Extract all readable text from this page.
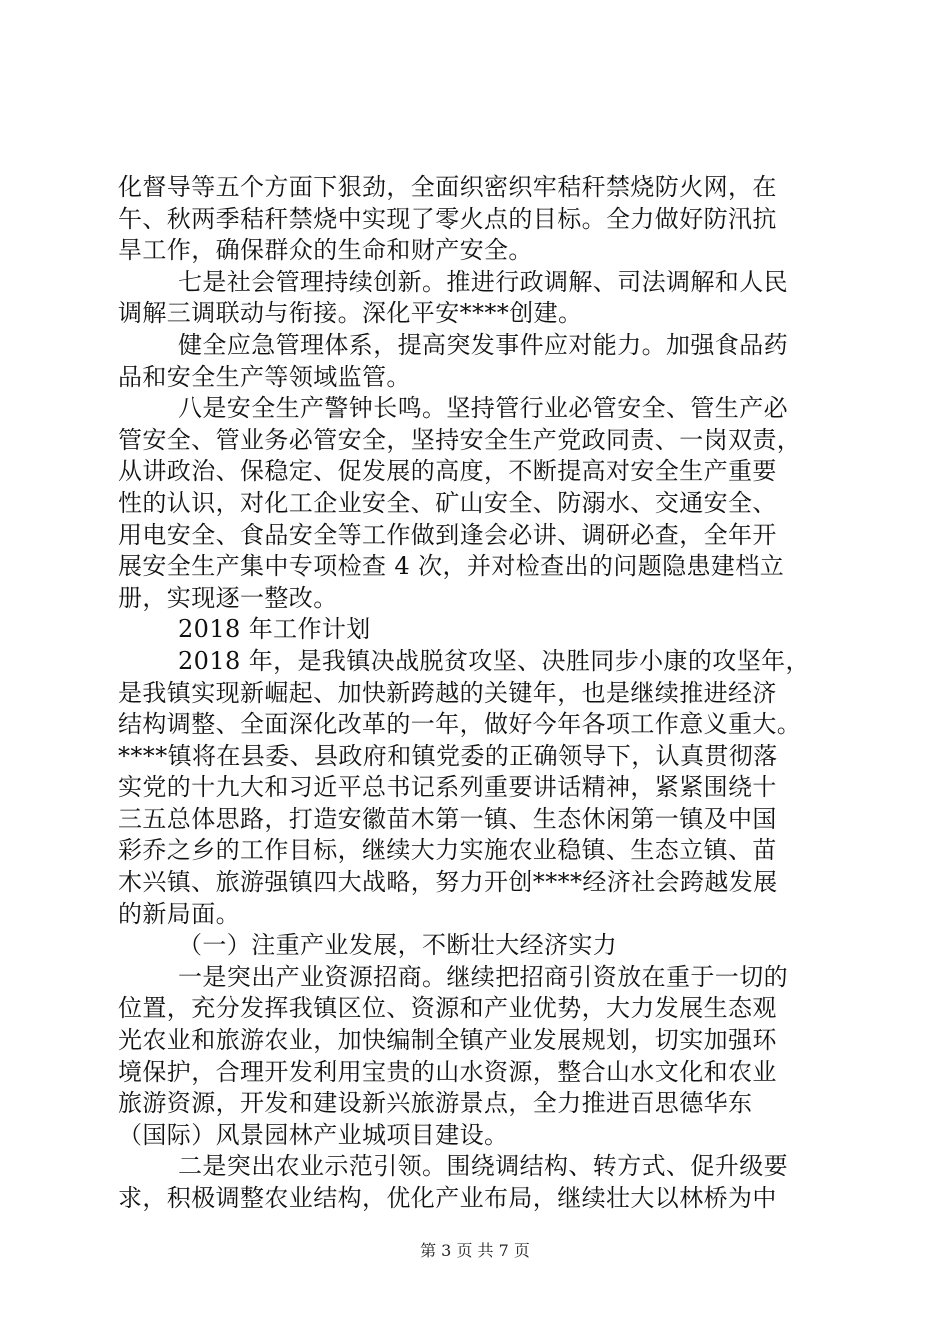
化督导等五个方面下狠劲，全面织密织牢秸秆禁烧防火网，在
午、秋两季秸秆禁烧中实现了零火点的目标。全力做好防汛抗
旱工作，确保群众的生命和财产安全。
七是社会管理持续创新。推进行政调解、司法调解和人民
调解三调联动与衔接。深化平安****创建。
健全应急管理体系，提高突发事件应对能力。加强食品药
品和安全生产等领域监管。
八是安全生产警钟长鸣。坚持管行业必管安全、管生产必
管安全、管业务必管安全，坚持安全生产党政同责、一岗双责，
从讲政治、保稳定、促发展的高度，不断提高对安全生产重要
性的认识，对化工企业安全、矿山安全、防溺水、交通安全、
用电安全、食品安全等工作做到逢会必讲、调研必查，全年开
展安全生产集中专项检查 4 次，并对检查出的问题隐患建档立
册，实现逐一整改。
2018 年工作计划
2018 年，是我镇决战脱贫攻坚、决胜同步小康的攻坚年，
是我镇实现新崛起、加快新跨越的关键年，也是继续推进经济
结构调整、全面深化改革的一年，做好今年各项工作意义重大。
****镇将在县委、县政府和镇党委的正确领导下，认真贯彻落
实党的十九大和习近平总书记系列重要讲话精神，紧紧围绕十
三五总体思路，打造安徽苗木第一镇、生态休闲第一镇及中国
彩乔之乡的工作目标，继续大力实施农业稳镇、生态立镇、苗
木兴镇、旅游强镇四大战略，努力开创****经济社会跨越发展
的新局面。
（一）注重产业发展，不断壮大经济实力
一是突出产业资源招商。继续把招商引资放在重于一切的
位置，充分发挥我镇区位、资源和产业优势，大力发展生态观
光农业和旅游农业，加快编制全镇产业发展规划，切实加强环
境保护，合理开发利用宝贵的山水资源，整合山水文化和农业
旅游资源，开发和建设新兴旅游景点，全力推进百思德华东
（国际）风景园林产业城项目建设。
二是突出农业示范引领。围绕调结构、转方式、促升级要
求，积极调整农业结构，优化产业布局，继续壮大以林桥为中
第 3 页 共 7 页
